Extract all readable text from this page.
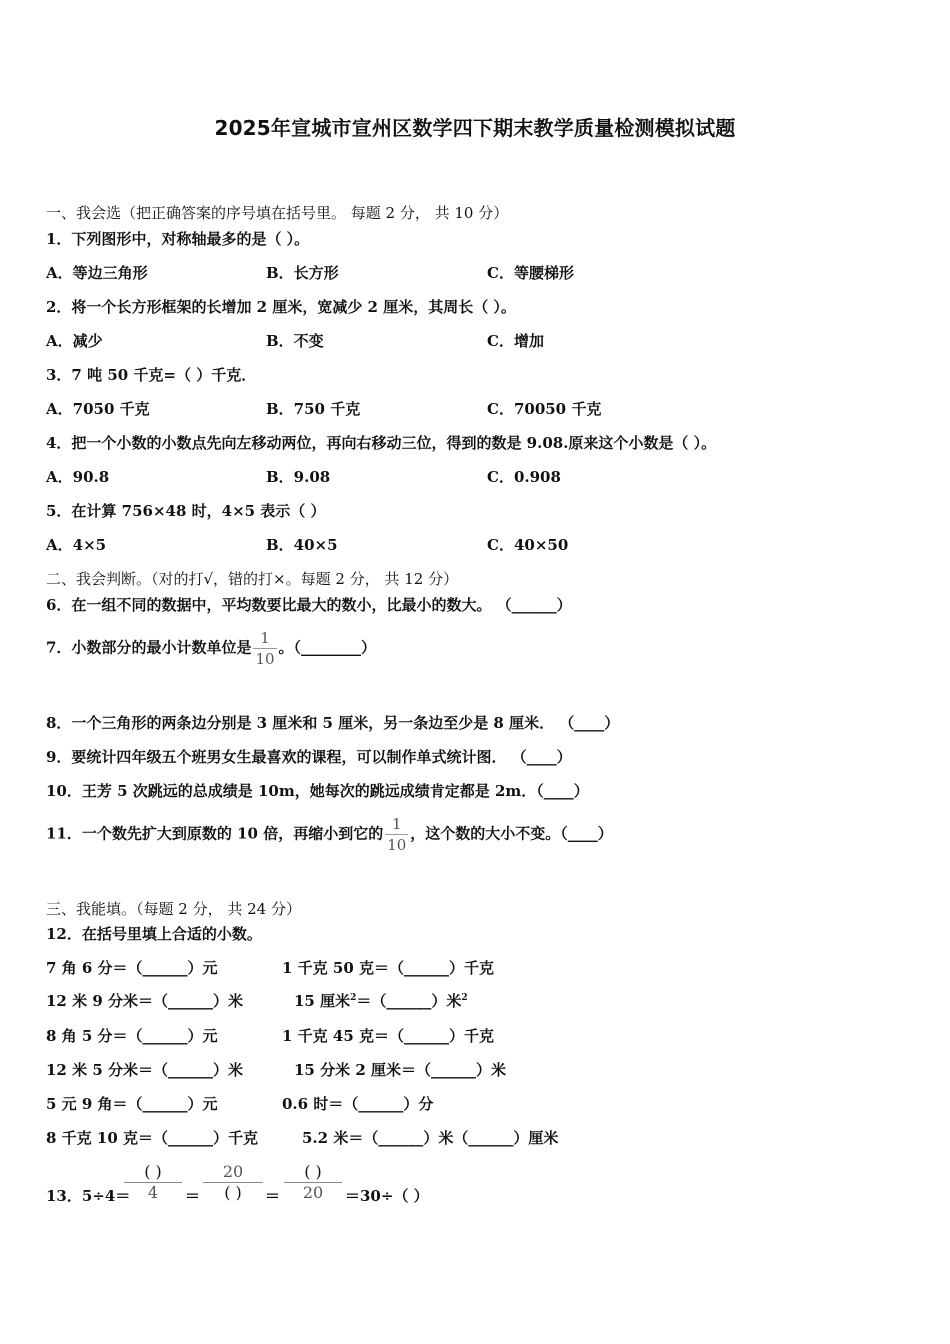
2025年宣城市宣州区数学四下期末教学质量检测模拟试题
一、我会选（把正确答案的序号填在括号里。 每题 2 分， 共 10 分）
1．下列图形中，对称轴最多的是（ ）。
A．等边三角形	B．长方形	C．等腰梯形
2．将一个长方形框架的长增加 2 厘米，宽减少 2 厘米，其周长（ ）。
A．减少	B．不变	C．增加
3．7 吨 50 千克=（ ）千克．
A．7050 千克	B．750 千克	C．70050 千克
4．把一个小数的小数点先向左移动两位，再向右移动三位，得到的数是 9.08.原来这个小数是（ ）。
A．90.8	B．9.08	C．0.908
5．在计算 756×48 时，4×5 表示（ ）
A．4×5	B．40×5	C．40×50
二、我会判断。（对的打√，错的打×。每题 2 分， 共 12 分）
6．在一组不同的数据中，平均数要比最大的数小，比最小的数大。 （______）
7．小数部分的最小计数单位是 $\frac{1}{10}$ 。（________）
8．一个三角形的两条边分别是 3 厘米和 5 厘米，另一条边至少是 8 厘米． （____）
9．要统计四年级五个班男女生最喜欢的课程，可以制作单式统计图． （____）
10．王芳 5 次跳远的总成绩是 10m，她每次的跳远成绩肯定都是 2m．（____）
11．一个数先扩大到原数的 10 倍，再缩小到它的 $\frac{1}{10}$ ，这个数的大小不变。（____）
三、我能填。（每题 2 分， 共 24 分）
12．在括号里填上合适的小数。
7 角 6 分＝（______）元	1 千克 50 克＝（______）千克
12 米 9 分米＝（______）米	15 厘米$^2$＝（______）米$^2$
8 角 5 分＝（______）元	1 千克 45 克＝（______）千克
12 米 5 分米＝（______）米	15 分米 2 厘米＝（______）米
5 元 9 角＝（______）元	0.6 时＝（______）分
8 千克 10 克＝（______）千克	5.2 米＝（______）米（______）厘米
13．5÷4＝
( )
4	＝
20
( )	＝
( )
20	＝30÷（ ）
